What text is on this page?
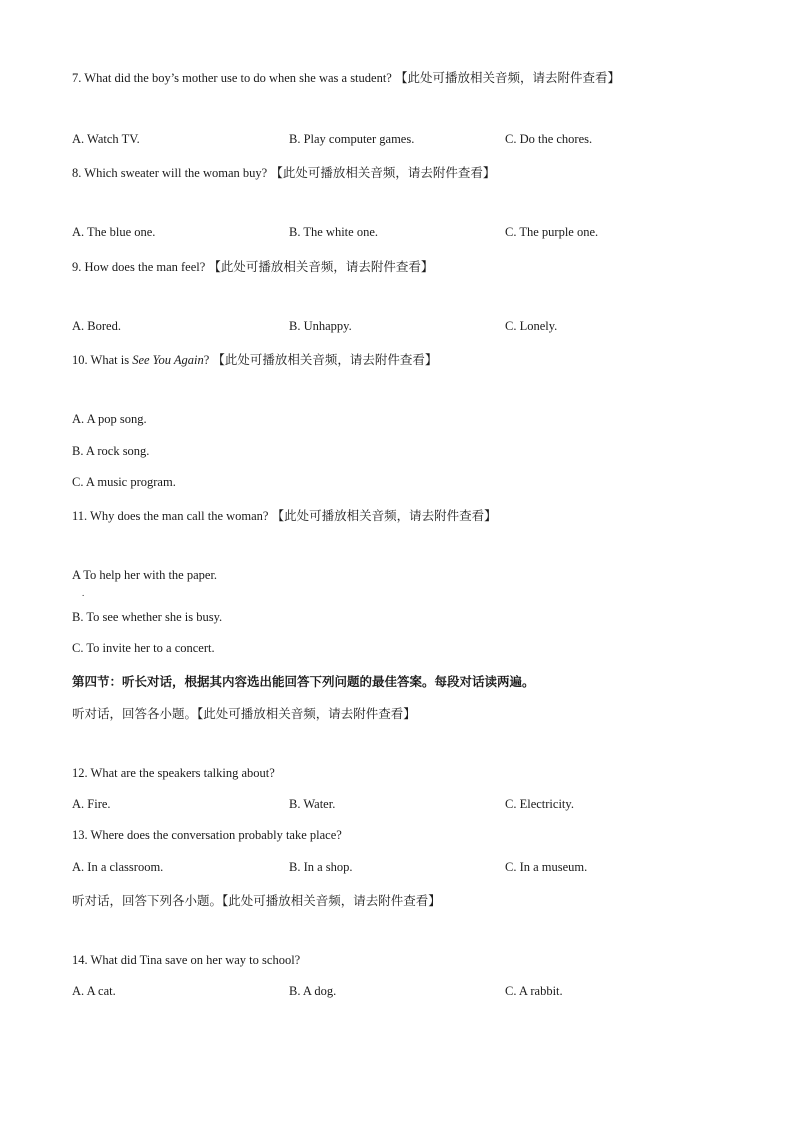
7. What did the boy’s mother use to do when she was a student? 【此处可播放相关音频，请去附件查看】
A. Watch TV.	B. Play computer games.	C. Do the chores.
8. Which sweater will the woman buy? 【此处可播放相关音频，请去附件查看】
A. The blue one.	B. The white one.	C. The purple one.
9. How does the man feel? 【此处可播放相关音频，请去附件查看】
A. Bored.	B. Unhappy.	C. Lonely.
10. What is See You Again? 【此处可播放相关音频，请去附件查看】
A. A pop song.
B. A rock song.
C. A music program.
11. Why does the man call the woman? 【此处可播放相关音频，请去附件查看】
A To help her with the paper.
.
B. To see whether she is busy.
C. To invite her to a concert.
第四节：听长对话，根据其内容选出能回答下列问题的最佳答案。每段对话读两遍。
听对话，回答各小题。【此处可播放相关音频，请去附件查看】
12. What are the speakers talking about?
A. Fire.	B. Water.	C. Electricity.
13. Where does the conversation probably take place?
A. In a classroom.	B. In a shop.	C. In a museum.
听对话，回答下列各小题。【此处可播放相关音频，请去附件查看】
14. What did Tina save on her way to school?
A. A cat.	B. A dog.	C. A rabbit.
